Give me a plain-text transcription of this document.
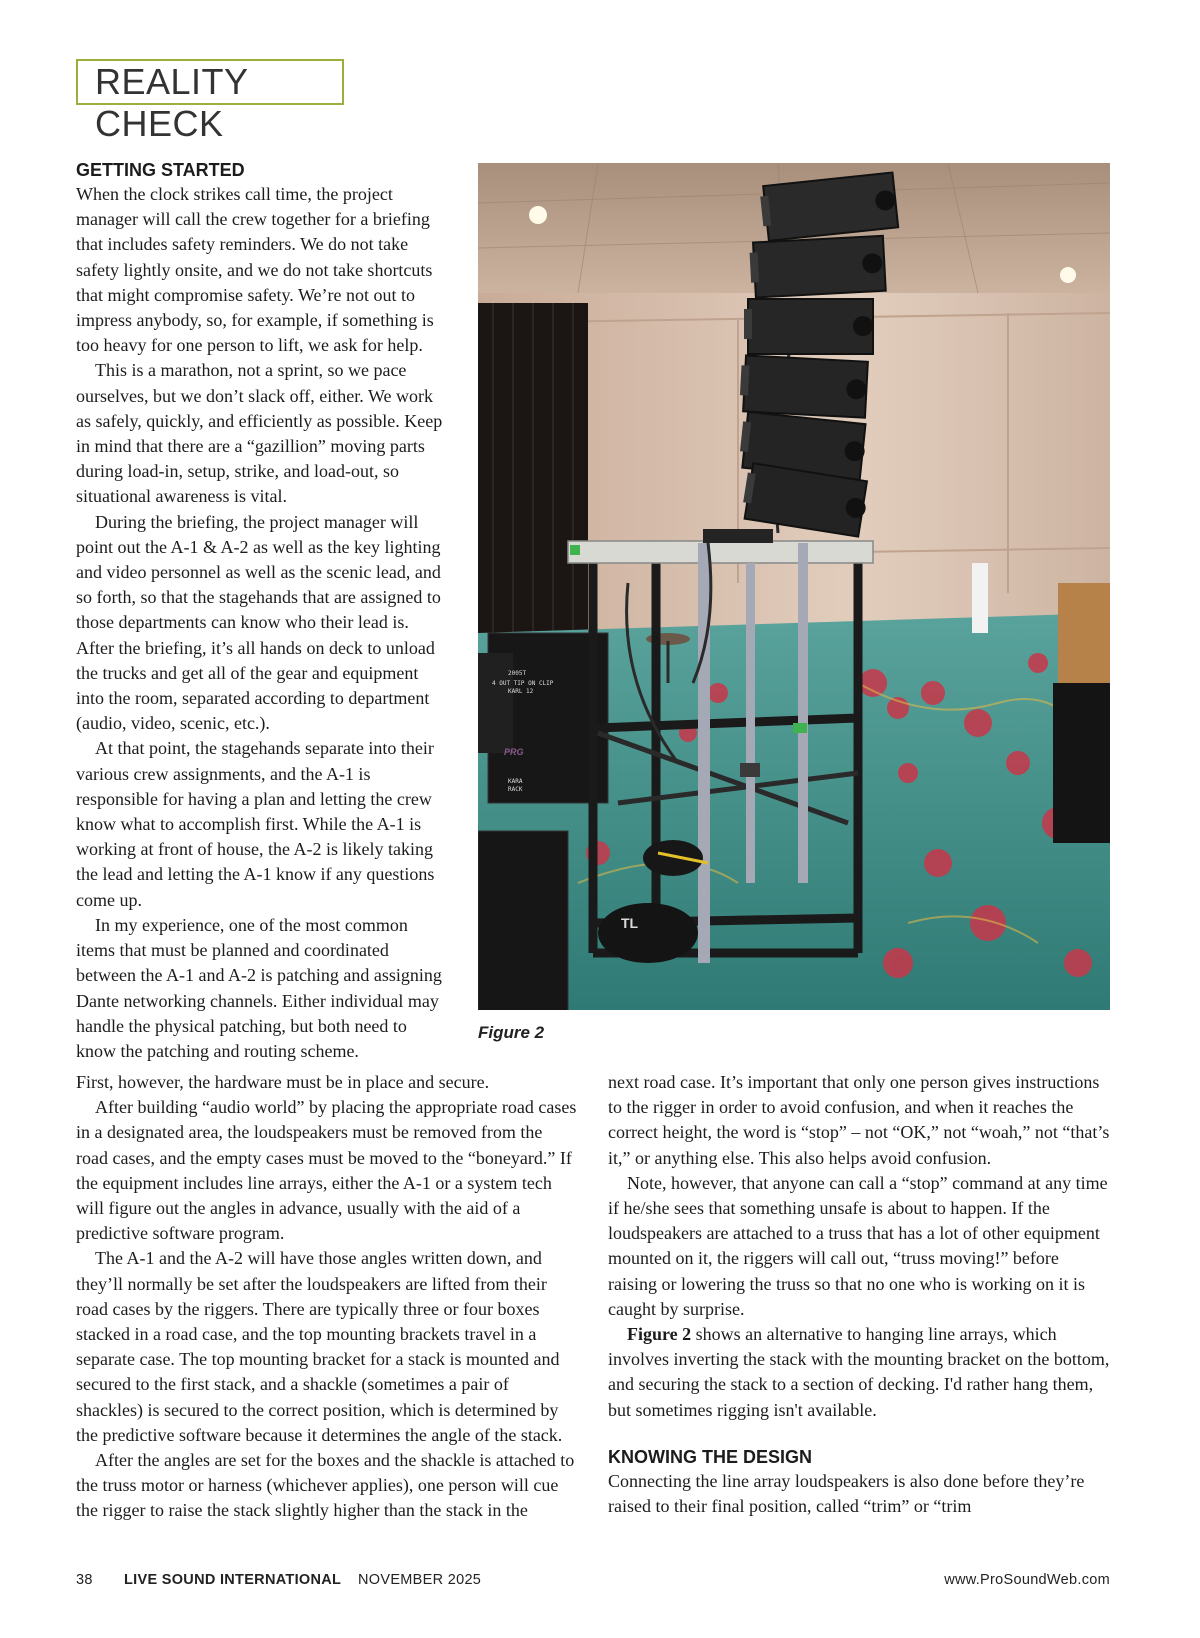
REALITY CHECK
GETTING STARTED

When the clock strikes call time, the project manager will call the crew together for a briefing that includes safety reminders. We do not take safety lightly onsite, and we do not take shortcuts that might compromise safety. We’re not out to impress anybody, so, for example, if something is too heavy for one person to lift, we ask for help.

This is a marathon, not a sprint, so we pace ourselves, but we don’t slack off, either. We work as safely, quickly, and efficiently as possible. Keep in mind that there are a “gazillion” moving parts during load-in, setup, strike, and load-out, so situational awareness is vital.

During the briefing, the project manager will point out the A-1 & A-2 as well as the key lighting and video personnel as well as the scenic lead, and so forth, so that the stagehands that are assigned to those departments can know who their lead is. After the briefing, it’s all hands on deck to unload the trucks and get all of the gear and equipment into the room, separated according to department (audio, video, scenic, etc.).

At that point, the stagehands separate into their various crew assignments, and the A-1 is responsible for having a plan and letting the crew know what to accomplish first. While the A-1 is working at front of house, the A-2 is likely taking the lead and letting the A-1 know if any questions come up.

In my experience, one of the most common items that must be planned and coordinated between the A-1 and A-2 is patching and assigning Dante networking channels. Either individual may handle the physical patching, but both need to know the patching and routing scheme.

2005T
4 OUT TIP ON CLIP
KARL 12
KARA
RACK
PRG
TL
Figure 2

First, however, the hardware must be in place and secure.

After building “audio world” by placing the appropriate road cases in a designated area, the loudspeakers must be removed from the road cases, and the empty cases must be moved to the “boneyard.” If the equipment includes line arrays, either the A-1 or a system tech will figure out the angles in advance, usually with the aid of a predictive software program.

The A-1 and the A-2 will have those angles written down, and they’ll normally be set after the loudspeakers are lifted from their road cases by the riggers. There are typically three or four boxes stacked in a road case, and the top mounting brackets travel in a separate case. The top mounting bracket for a stack is mounted and secured to the first stack, and a shackle (sometimes a pair of shackles) is secured to the correct position, which is determined by the predictive software because it determines the angle of the stack.

After the angles are set for the boxes and the shackle is attached to the truss motor or harness (whichever applies), one person will cue the rigger to raise the stack slightly higher than the stack in the

next road case. It’s important that only one person gives instructions to the rigger in order to avoid confusion, and when it reaches the correct height, the word is “stop” – not “OK,” not “woah,” not “that’s it,” or anything else. This also helps avoid confusion.

Note, however, that anyone can call a “stop” command at any time if he/she sees that something unsafe is about to happen. If the loudspeakers are attached to a truss that has a lot of other equipment mounted on it, the riggers will call out, “truss moving!” before raising or lowering the truss so that no one who is working on it is caught by surprise.

Figure 2 shows an alternative to hanging line arrays, which involves inverting the stack with the mounting bracket on the bottom, and securing the stack to a section of decking. I'd rather hang them, but sometimes rigging isn't available.

KNOWING THE DESIGN

Connecting the line array loudspeakers is also done before they’re raised to their final position, called “trim” or “trim

38 LIVE SOUND INTERNATIONAL NOVEMBER 2025	www.ProSoundWeb.com
